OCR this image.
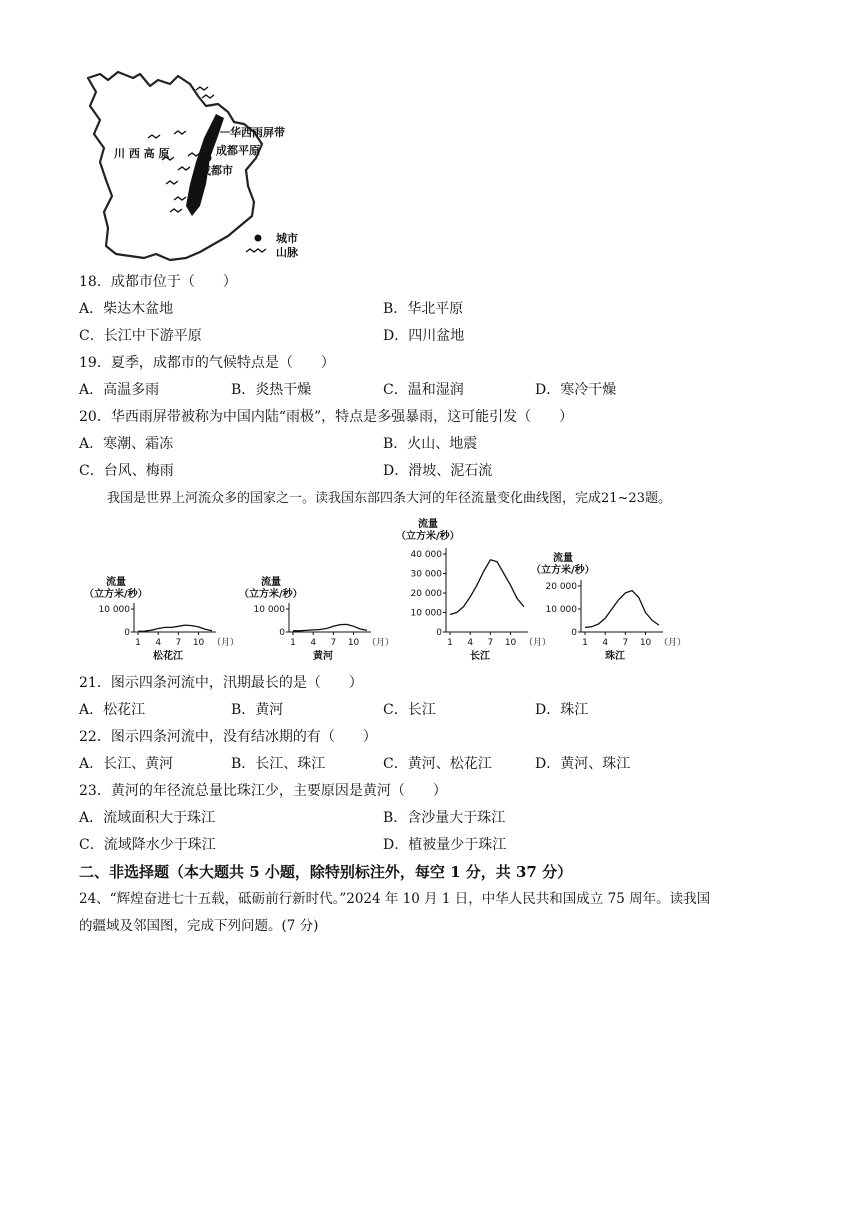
川 西 高 原
华西雨屏带
成都平原
成都市
城市
山脉
18．成都市位于（　　）
A．柴达木盆地	B．华北平原
C．长江中下游平原	D．四川盆地
19．夏季，成都市的气候特点是（　　）
A．高温多雨	B．炎热干燥	C．温和湿润	D．寒冷干燥
20．华西雨屏带被称为中国内陆“雨极”，特点是多强暴雨，这可能引发（　　）
A．寒潮、霜冻	B．火山、地震
C．台风、梅雨	D．滑坡、泥石流
我国是世界上河流众多的国家之一。读我国东部四条大河的年径流量变化曲线图，完成21~23题。
流量
（立方米/秒）
10 000
0
1 4 7 10 （月）
松花江
流量
（立方米/秒）
10 000
0
1 4 7 10 （月）
黄河
流量
（立方米/秒）
40 000
30 000
20 000
10 000
0
1 4 7 10 （月）
长江
流量
（立方米/秒）
20 000
10 000
0
1 4 7 10 （月）
珠江
21．图示四条河流中，汛期最长的是（　　）
A．松花江	B．黄河	C．长江	D．珠江
22．图示四条河流中，没有结冰期的有（　　）
A．长江、黄河	B．长江、珠江	C．黄河、松花江	D．黄河、珠江
23．黄河的年径流总量比珠江少，主要原因是黄河（　　）
A．流域面积大于珠江	B．含沙量大于珠江
C．流域降水少于珠江	D．植被量少于珠江
二、非选择题（本大题共 5 小题，除特别标注外，每空 1 分，共 37 分）
24、“辉煌奋进七十五载，砥砺前行新时代。”2024 年 10 月 1 日，中华人民共和国成立 75 周年。读我国
的疆域及邻国图，完成下列问题。(7 分)
